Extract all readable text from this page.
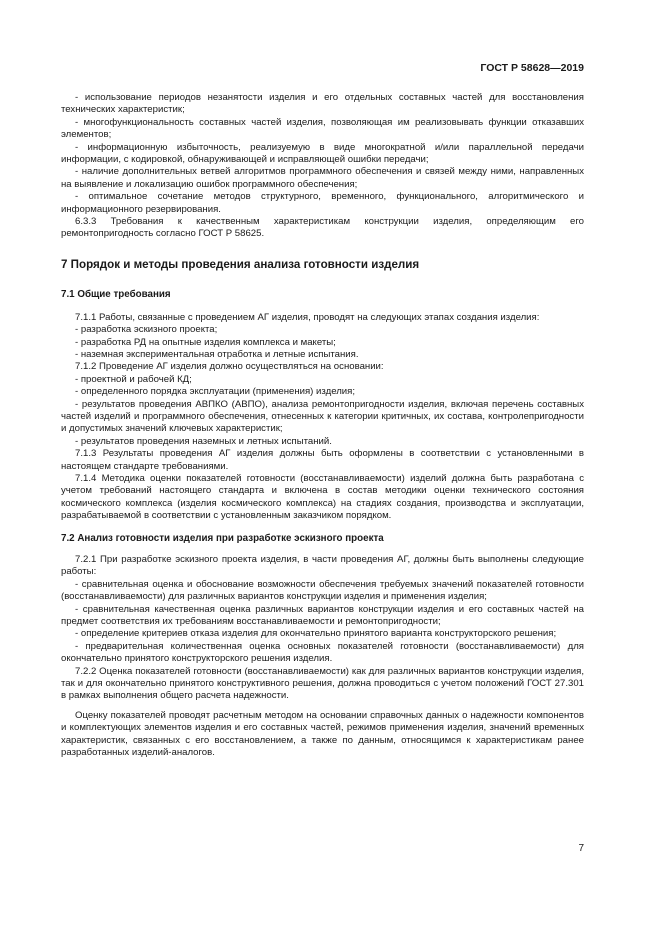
ГОСТ Р 58628—2019

- использование периодов незанятости изделия и его отдельных составных частей для восстановления технических характеристик;

- многофункциональность составных частей изделия, позволяющая им реализовывать функции отказавших элементов;

- информационную избыточность, реализуемую в виде многократной и/или параллельной передачи информации, с кодировкой, обнаруживающей и исправляющей ошибки передачи;

- наличие дополнительных ветвей алгоритмов программного обеспечения и связей между ними, направленных на выявление и локализацию ошибок программного обеспечения;

- оптимальное сочетание методов структурного, временного, функционального, алгоритмического и информационного резервирования.

6.3.3 Требования к качественным характеристикам конструкции изделия, определяющим его ремонтопригодность согласно ГОСТ Р 58625.

7 Порядок и методы проведения анализа готовности изделия

7.1 Общие требования

7.1.1 Работы, связанные с проведением АГ изделия, проводят на следующих этапах создания изделия:

- разработка эскизного проекта;

- разработка РД на опытные изделия комплекса и макеты;

- наземная экспериментальная отработка и летные испытания.

7.1.2 Проведение АГ изделия должно осуществляться на основании:

- проектной и рабочей КД;

- определенного порядка эксплуатации (применения) изделия;

- результатов проведения АВПКО (АВПО), анализа ремонтопригодности изделия, включая перечень составных частей изделий и программного обеспечения, отнесенных к категории критичных, их состава, контролепригодности и допустимых значений ключевых характеристик;

- результатов проведения наземных и летных испытаний.

7.1.3 Результаты проведения АГ изделия должны быть оформлены в соответствии с установленными в настоящем стандарте требованиями.

7.1.4 Методика оценки показателей готовности (восстанавливаемости) изделий должна быть разработана с учетом требований настоящего стандарта и включена в состав методики оценки технического состояния космического комплекса (изделия космического комплекса) на стадиях создания, производства и эксплуатации, разрабатываемой в соответствии с установленным заказчиком порядком.

7.2 Анализ готовности изделия при разработке эскизного проекта

7.2.1 При разработке эскизного проекта изделия, в части проведения АГ, должны быть выполнены следующие работы:

- сравнительная оценка и обоснование возможности обеспечения требуемых значений показателей готовности (восстанавливаемости) для различных вариантов конструкции изделия и применения изделия;

- сравнительная качественная оценка различных вариантов конструкции изделия и его составных частей на предмет соответствия их требованиям восстанавливаемости и ремонтопригодности;

- определение критериев отказа изделия для окончательно принятого варианта конструкторского решения;

- предварительная количественная оценка основных показателей готовности (восстанавливаемости) для окончательно принятого конструкторского решения изделия.

7.2.2 Оценка показателей готовности (восстанавливаемости) как для различных вариантов конструкции изделия, так и для окончательно принятого конструктивного решения, должна проводиться с учетом положений ГОСТ 27.301 в рамках выполнения общего расчета надежности.

Оценку показателей проводят расчетным методом на основании справочных данных о надежности компонентов и комплектующих элементов изделия и его составных частей, режимов применения изделия, значений временных характеристик, связанных с его восстановлением, а также по данным, относящимся к характеристикам ранее разработанных изделий-аналогов.

7
